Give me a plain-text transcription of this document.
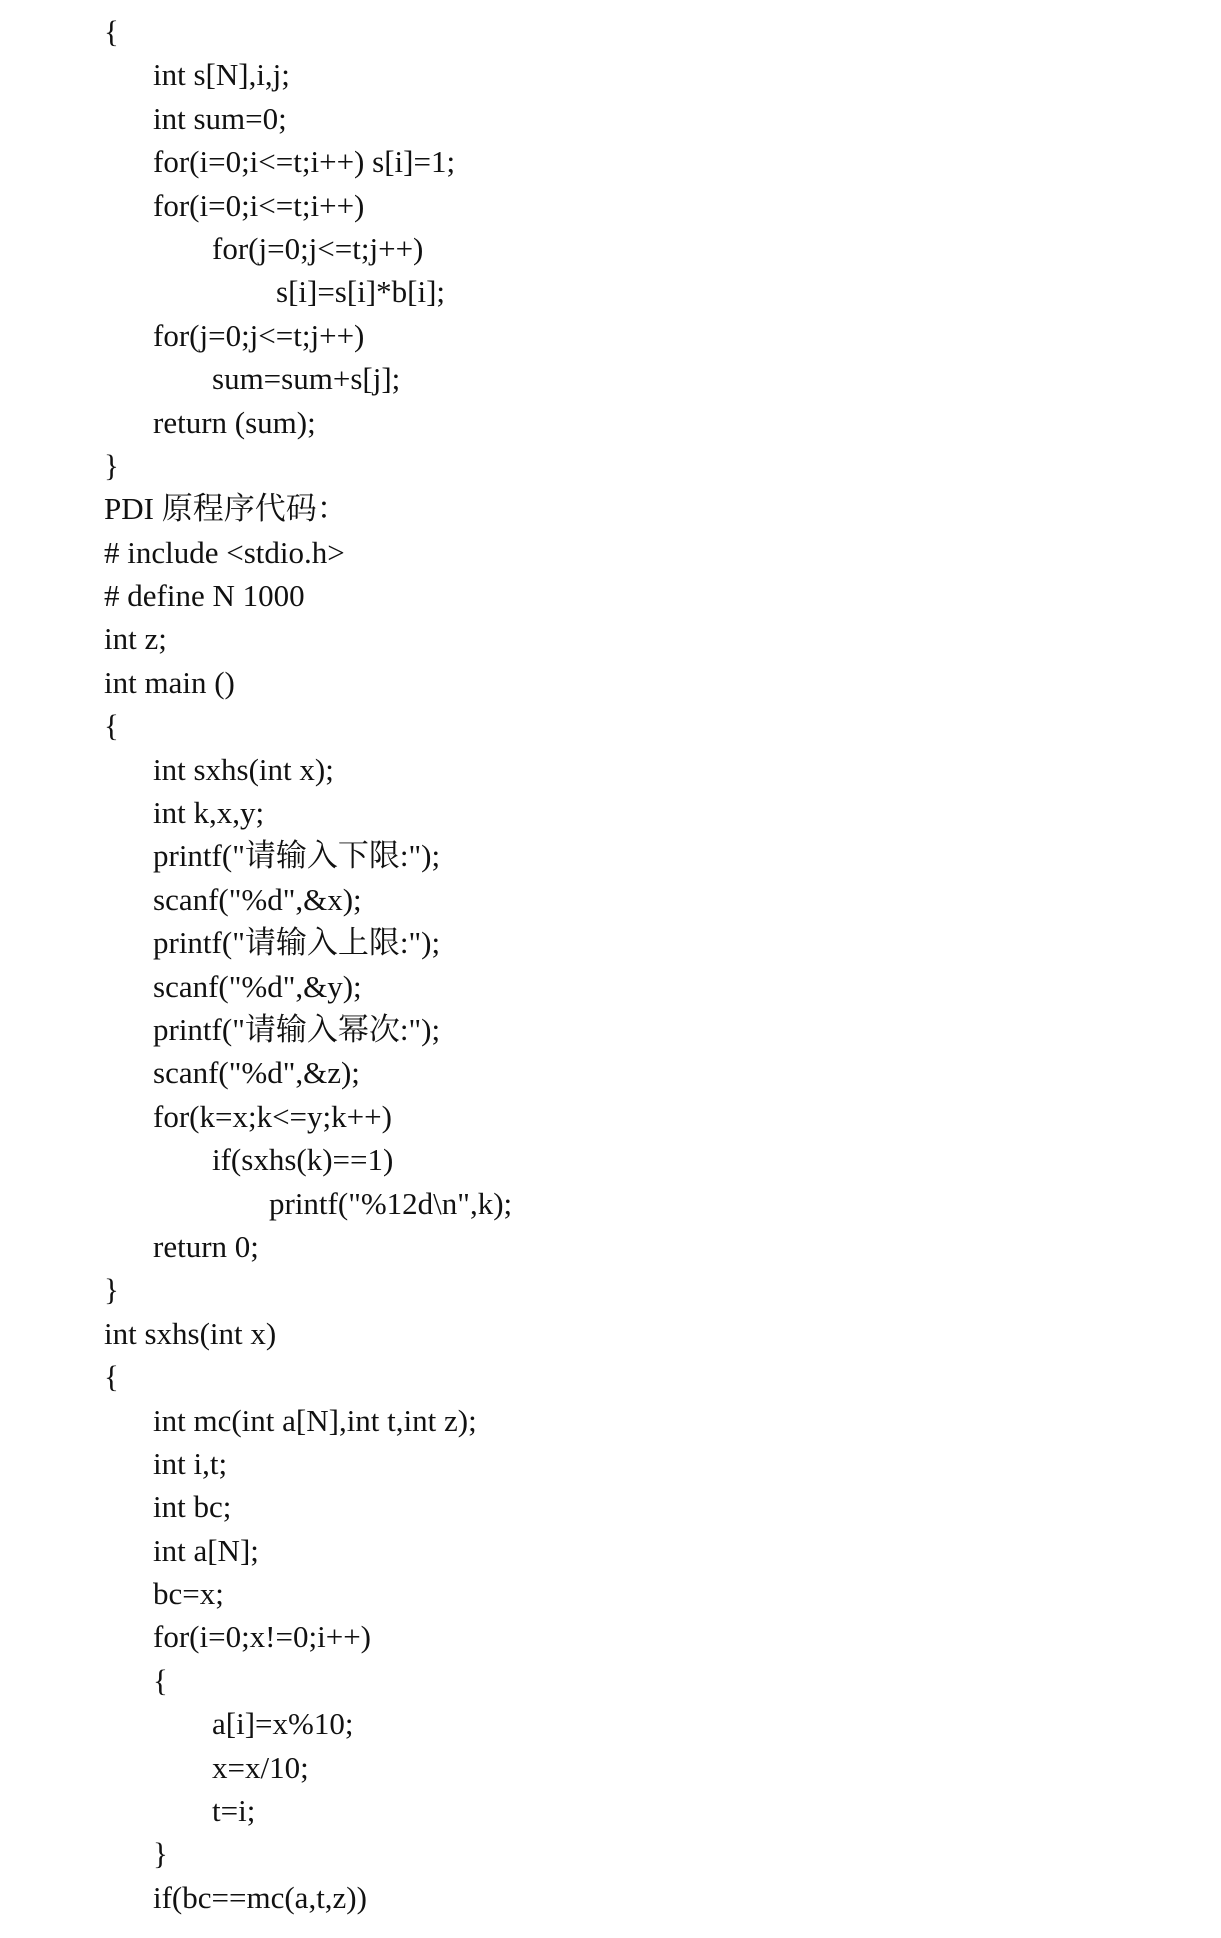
{
int s[N],i,j;
int sum=0;
for(i=0;i<=t;i++) s[i]=1;
for(i=0;i<=t;i++)
for(j=0;j<=t;j++)
s[i]=s[i]*b[i];
for(j=0;j<=t;j++)
sum=sum+s[j];
return (sum);
}
PDI 原程序代码：
# include <stdio.h>
# define N 1000
int z;
int main ()
{
int sxhs(int x);
int k,x,y;
printf("请输入下限:");
scanf("%d",&x);
printf("请输入上限:");
scanf("%d",&y);
printf("请输入幂次:");
scanf("%d",&z);
for(k=x;k<=y;k++)
if(sxhs(k)==1)
printf("%12d\n",k);
return 0;
}
int sxhs(int x)
{
int mc(int a[N],int t,int z);
int i,t;
int bc;
int a[N];
bc=x;
for(i=0;x!=0;i++)
{
a[i]=x%10;
x=x/10;
t=i;
}
if(bc==mc(a,t,z))
